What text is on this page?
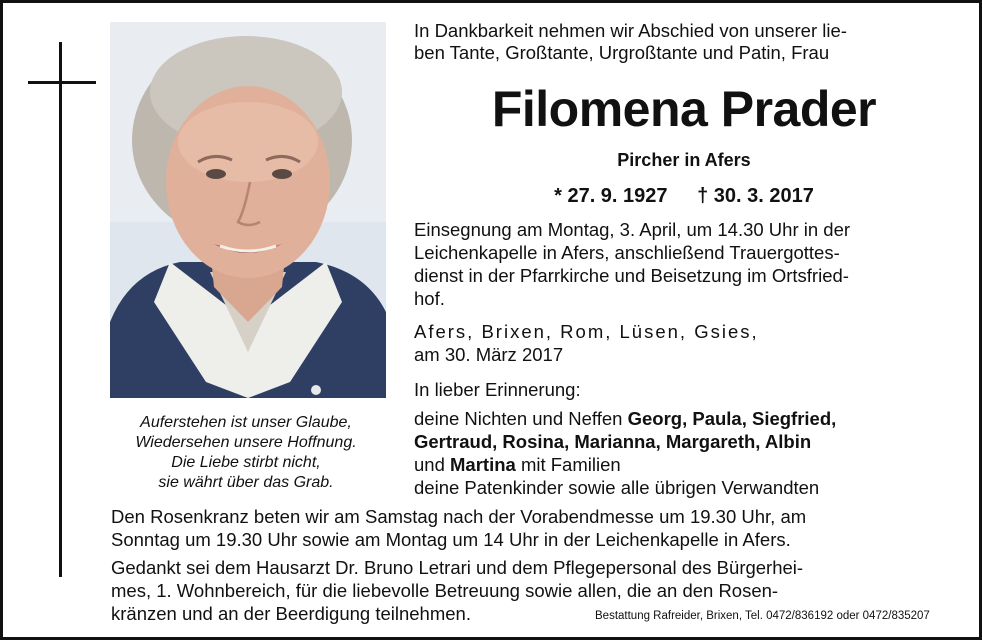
Auferstehen ist unser Glaube,
Wiedersehen unsere Hoffnung.
Die Liebe stirbt nicht,
sie währt über das Grab.
In Dankbarkeit nehmen wir Abschied von unserer lie-
ben Tante, Großtante, Urgroßtante und Patin, Frau
Filomena Prader
Pircher in Afers
* 27. 9. 1927 † 30. 3. 2017
Einsegnung am Montag, 3. April, um 14.30 Uhr in der
Leichenkapelle in Afers, anschließend Trauergottes-
dienst in der Pfarrkirche und Beisetzung im Ortsfried-
hof.
Afers, Brixen, Rom, Lüsen, Gsies,
am 30. März 2017
In lieber Erinnerung:
deine Nichten und Neffen Georg, Paula, Siegfried,
Gertraud, Rosina, Marianna, Margareth, Albin
und Martina mit Familien
deine Patenkinder sowie alle übrigen Verwandten
Den Rosenkranz beten wir am Samstag nach der Vorabendmesse um 19.30 Uhr, am
Sonntag um 19.30 Uhr sowie am Montag um 14 Uhr in der Leichenkapelle in Afers.
Gedankt sei dem Hausarzt Dr. Bruno Letrari und dem Pflegepersonal des Bürgerhei-
mes, 1. Wohnbereich, für die liebevolle Betreuung sowie allen, die an den Rosen-
kränzen und an der Beerdigung teilnehmen.	Bestattung Rafreider, Brixen, Tel. 0472/836192 oder 0472/835207
